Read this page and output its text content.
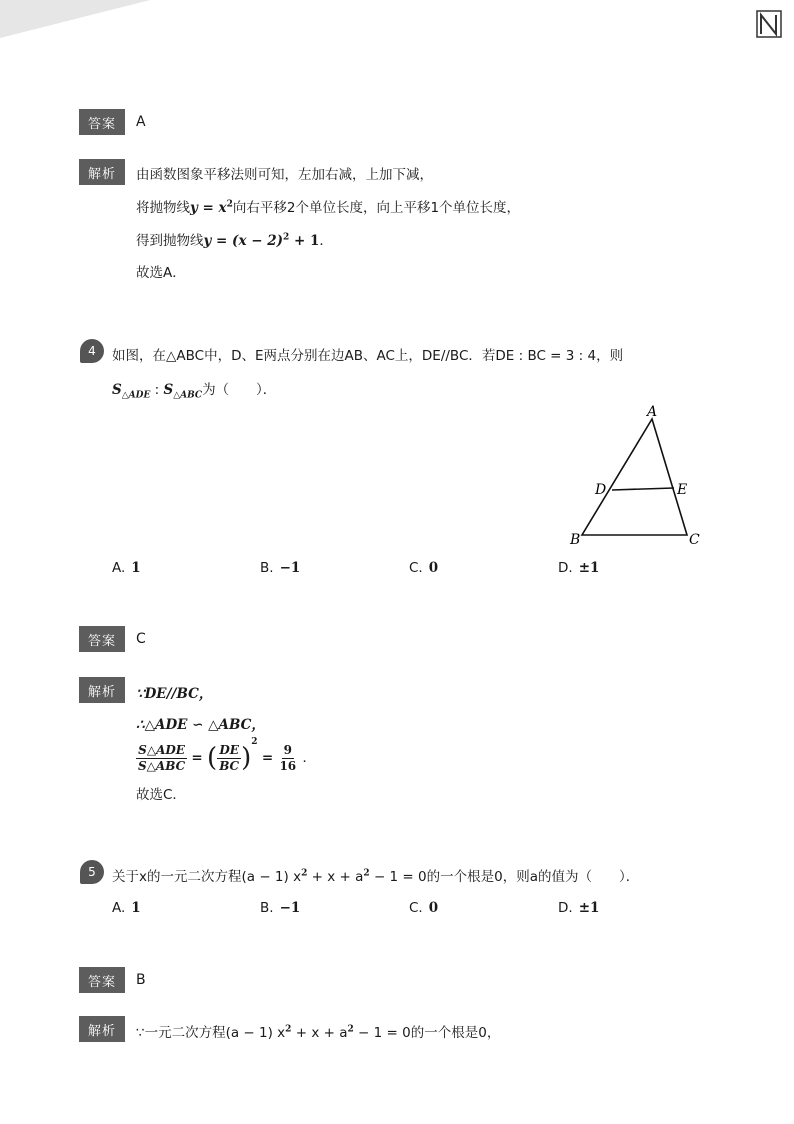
答案	A
解析	由函数图象平移法则可知，左加右减，上加下减，
将抛物线$y = x^2$向右平移2个单位长度，向上平移1个单位长度，
得到抛物线$y = (x - 2)^2 + 1$．
故选A．
4	如图，在△ABC中，D、E两点分别在边AB、AC上，DE//BC．若DE : BC = 3 : 4，则
$S_{\triangle ADE}$ : $S_{\triangle ABC}$为（　　）．
A
D	E
B	C
A. 1	B. −1	C. 0	D. ±1
答案	C
解析	∵DE//BC，
∴△ADE ∽ △ABC，
$\frac{\text{S△ADE}}{\text{S△ABC}}$ = ( $\frac{DE}{BC} )^2 = \frac{9}{16}$ ．
故选C．
5	关于x的一元二次方程(a − 1) $x^2 + x + a^2 - 1 = 0$的一个根是0，则a的值为（　　）．
A. 1	B. −1	C. 0	D. ±1
答案	B
解析	∵一元二次方程(a − 1) $x^2 + x + a^2 - 1 = 0$的一个根是0，
